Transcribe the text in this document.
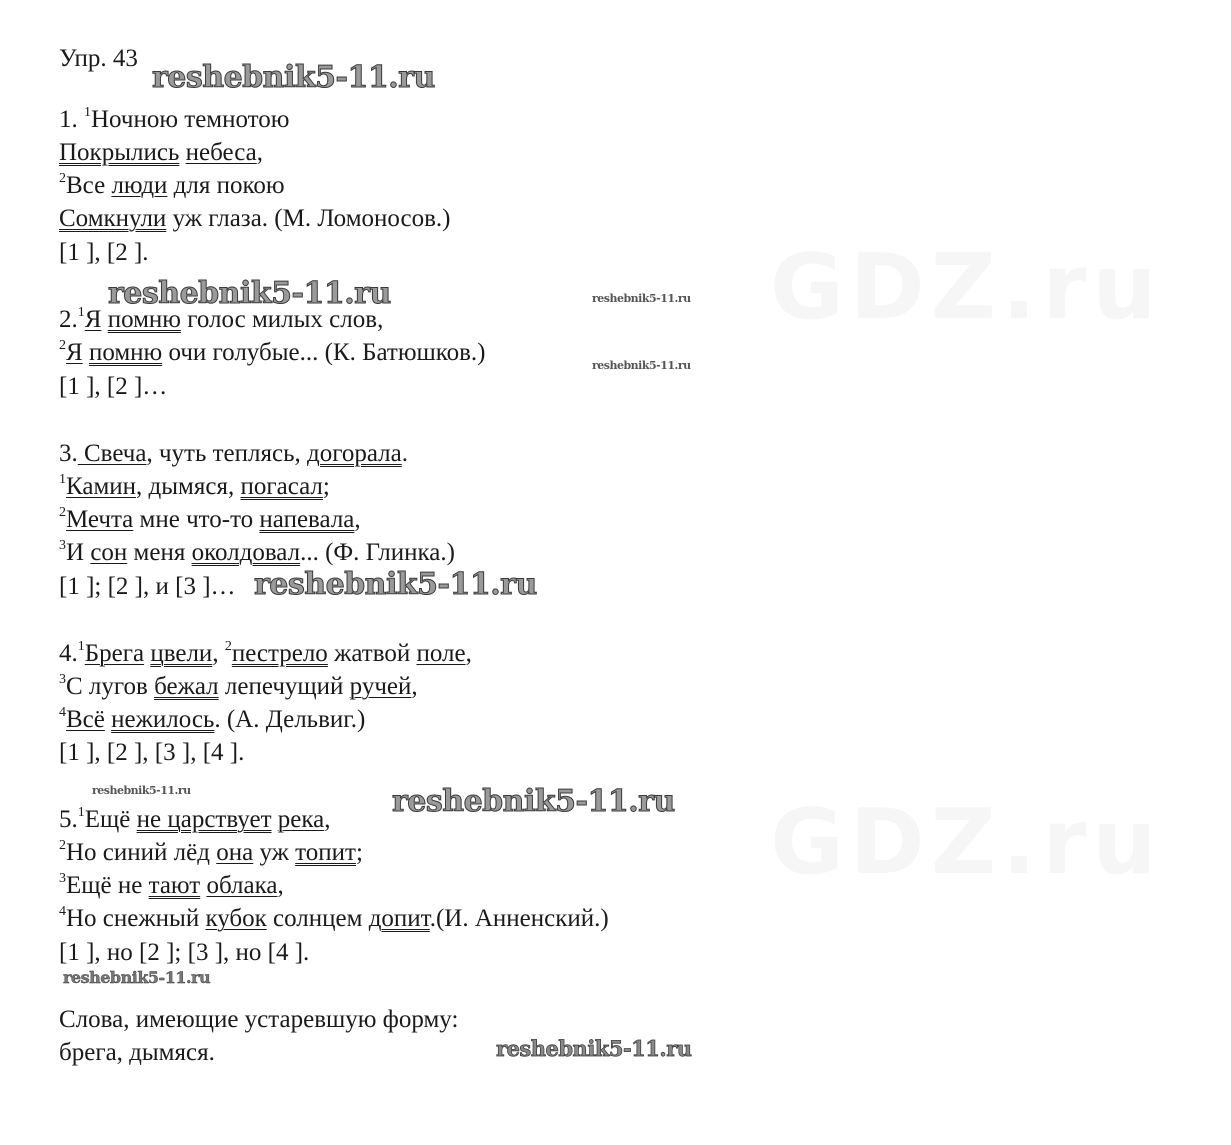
GDZ.ru
GDZ.ru
Упр. 43
1. $^1$Ночною темнотою
Покрылись небеса,
$^2$Все люди для покою
Сомкнули уж глаза. (М. Ломоносов.)
[1 ], [2 ].
2.$^1$Я помню голос милых слов,
$^2$Я помню очи голубые... (К. Батюшков.)
[1 ], [2 ]…
3. Свеча, чуть теплясь, догорала.
$^1$Камин, дымяся, погасал;
$^2$Мечта мне что-то напевала,
$^3$И сон меня околдовал... (Ф. Глинка.)
[1 ]; [2 ], и [3 ]…
4.$^1$Брега цвели, $^2$пестрело жатвой поле,
$^3$С лугов бежал лепечущий ручей,
$^4$Всё нежилось. (А. Дельвиг.)
[1 ], [2 ], [3 ], [4 ].
5.$^1$Ещё не царствует река,
$^2$Но синий лёд она уж топит;
$^3$Ещё не тают облака,
$^4$Но снежный кубок солнцем допит.(И. Анненский.)
[1 ], но [2 ]; [3 ], но [4 ].
Слова, имеющие устаревшую форму:
брега, дымяся.
reshebnik5-11.ru
reshebnik5-11.ru	reshebnik5-11.ru
reshebnik5-11.ru
reshebnik5-11.ru
reshebnik5-11.ru	reshebnik5-11.ru
reshebnik5-11.ru
reshebnik5-11.ru
